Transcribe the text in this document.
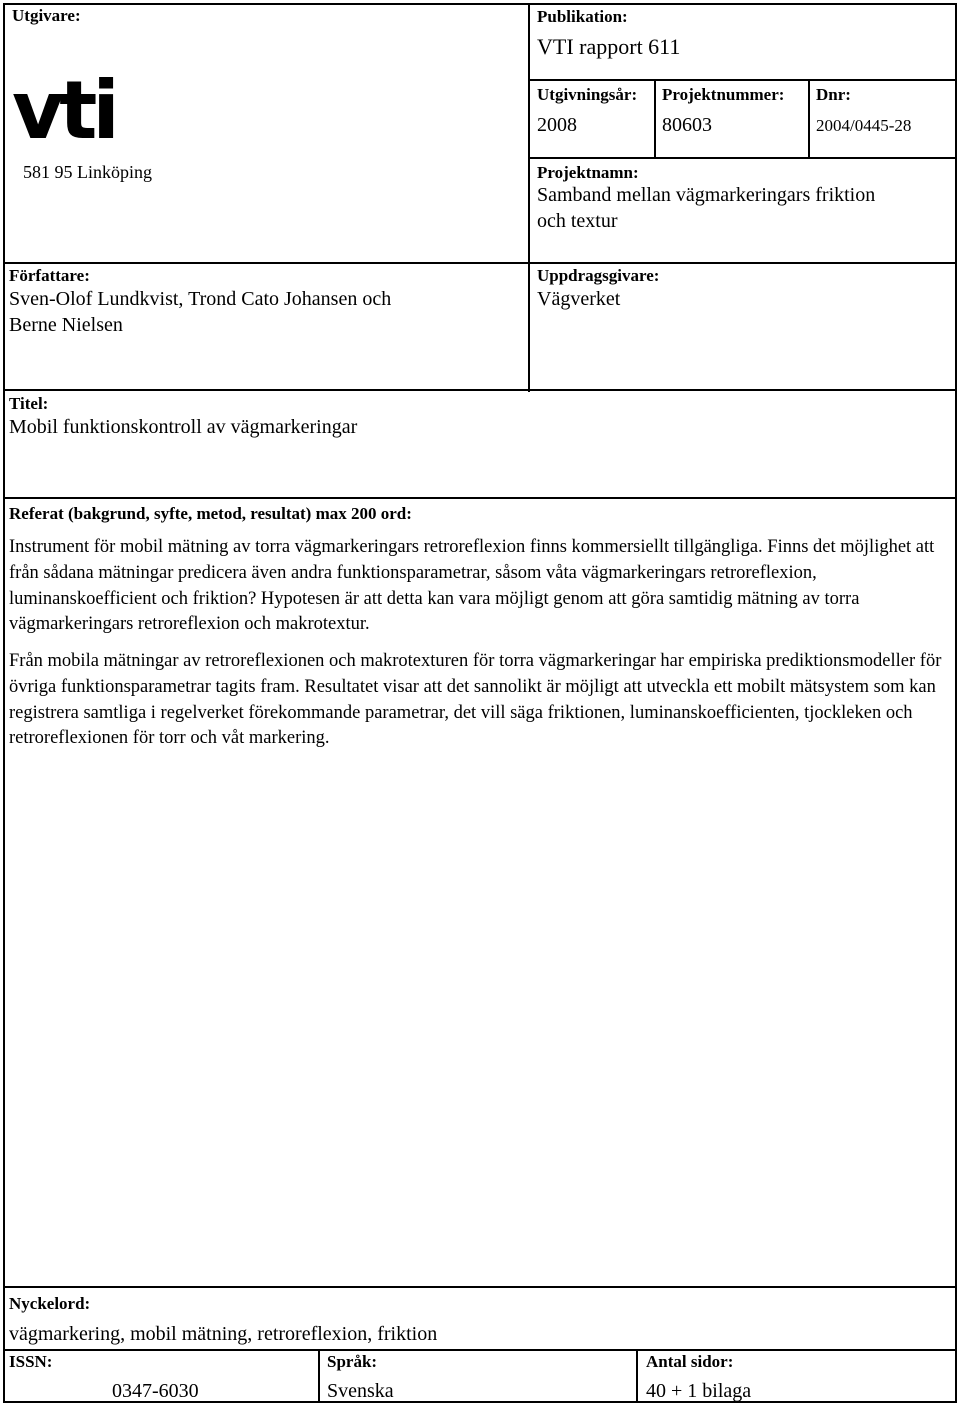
Utgivare:
vti
581 95 Linköping
Publikation:
VTI rapport 611
Utgivningsår:
2008
Projektnummer:
80603
Dnr:
2004/0445-28
Projektnamn:
Samband mellan vägmarkeringars friktion
och textur
Författare:
Sven-Olof Lundkvist, Trond Cato Johansen och
Berne Nielsen
Uppdragsgivare:
Vägverket
Titel:
Mobil funktionskontroll av vägmarkeringar
Referat (bakgrund, syfte, metod, resultat) max 200 ord:
Instrument för mobil mätning av torra vägmarkeringars retroreflexion finns kommersiellt tillgängliga. Finns det möjlighet att från sådana mätningar predicera även andra funktionsparametrar, såsom våta vägmarkeringars retroreflexion, luminanskoefficient och friktion? Hypotesen är att detta kan vara möjligt genom att göra samtidig mätning av torra vägmarkeringars retroreflexion och makrotextur.
Från mobila mätningar av retroreflexionen och makrotexturen för torra vägmarkeringar har empiriska prediktionsmodeller för övriga funktionsparametrar tagits fram. Resultatet visar att det sannolikt är möjligt att utveckla ett mobilt mätsystem som kan registrera samtliga i regelverket förekommande parametrar, det vill säga friktionen, luminanskoefficienten, tjockleken och retroreflexionen för torr och våt markering.
Nyckelord:
vägmarkering, mobil mätning, retroreflexion, friktion
ISSN:
0347-6030
Språk:
Svenska
Antal sidor:
40 + 1 bilaga
